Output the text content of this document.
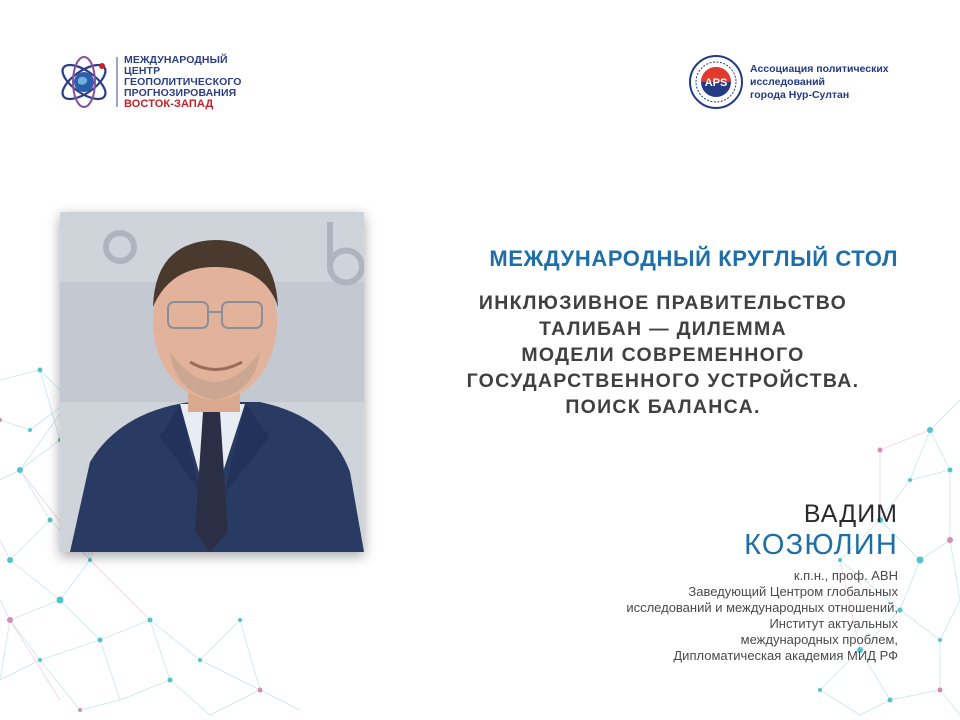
МЕЖДУНАРОДНЫЙ
ЦЕНТР
ГЕОПОЛИТИЧЕСКОГО
ПРОГНОЗИРОВАНИЯ
ВОСТОК-ЗАПАД
APS
Ассоциация политических
исследований
города Нур-Султан
МЕЖДУНАРОДНЫЙ КРУГЛЫЙ СТОЛ
ИНКЛЮЗИВНОЕ ПРАВИТЕЛЬСТВО
ТАЛИБАН — ДИЛЕММА
МОДЕЛИ СОВРЕМЕННОГО
ГОСУДАРСТВЕННОГО УСТРОЙСТВА.
ПОИСК БАЛАНСА.
ВАДИМ
КОЗЮЛИН
к.п.н., проф. АВН
Заведующий Центром глобальных
исследований и международных отношений,
Институт актуальных
международных проблем,
Дипломатическая академия МИД РФ
